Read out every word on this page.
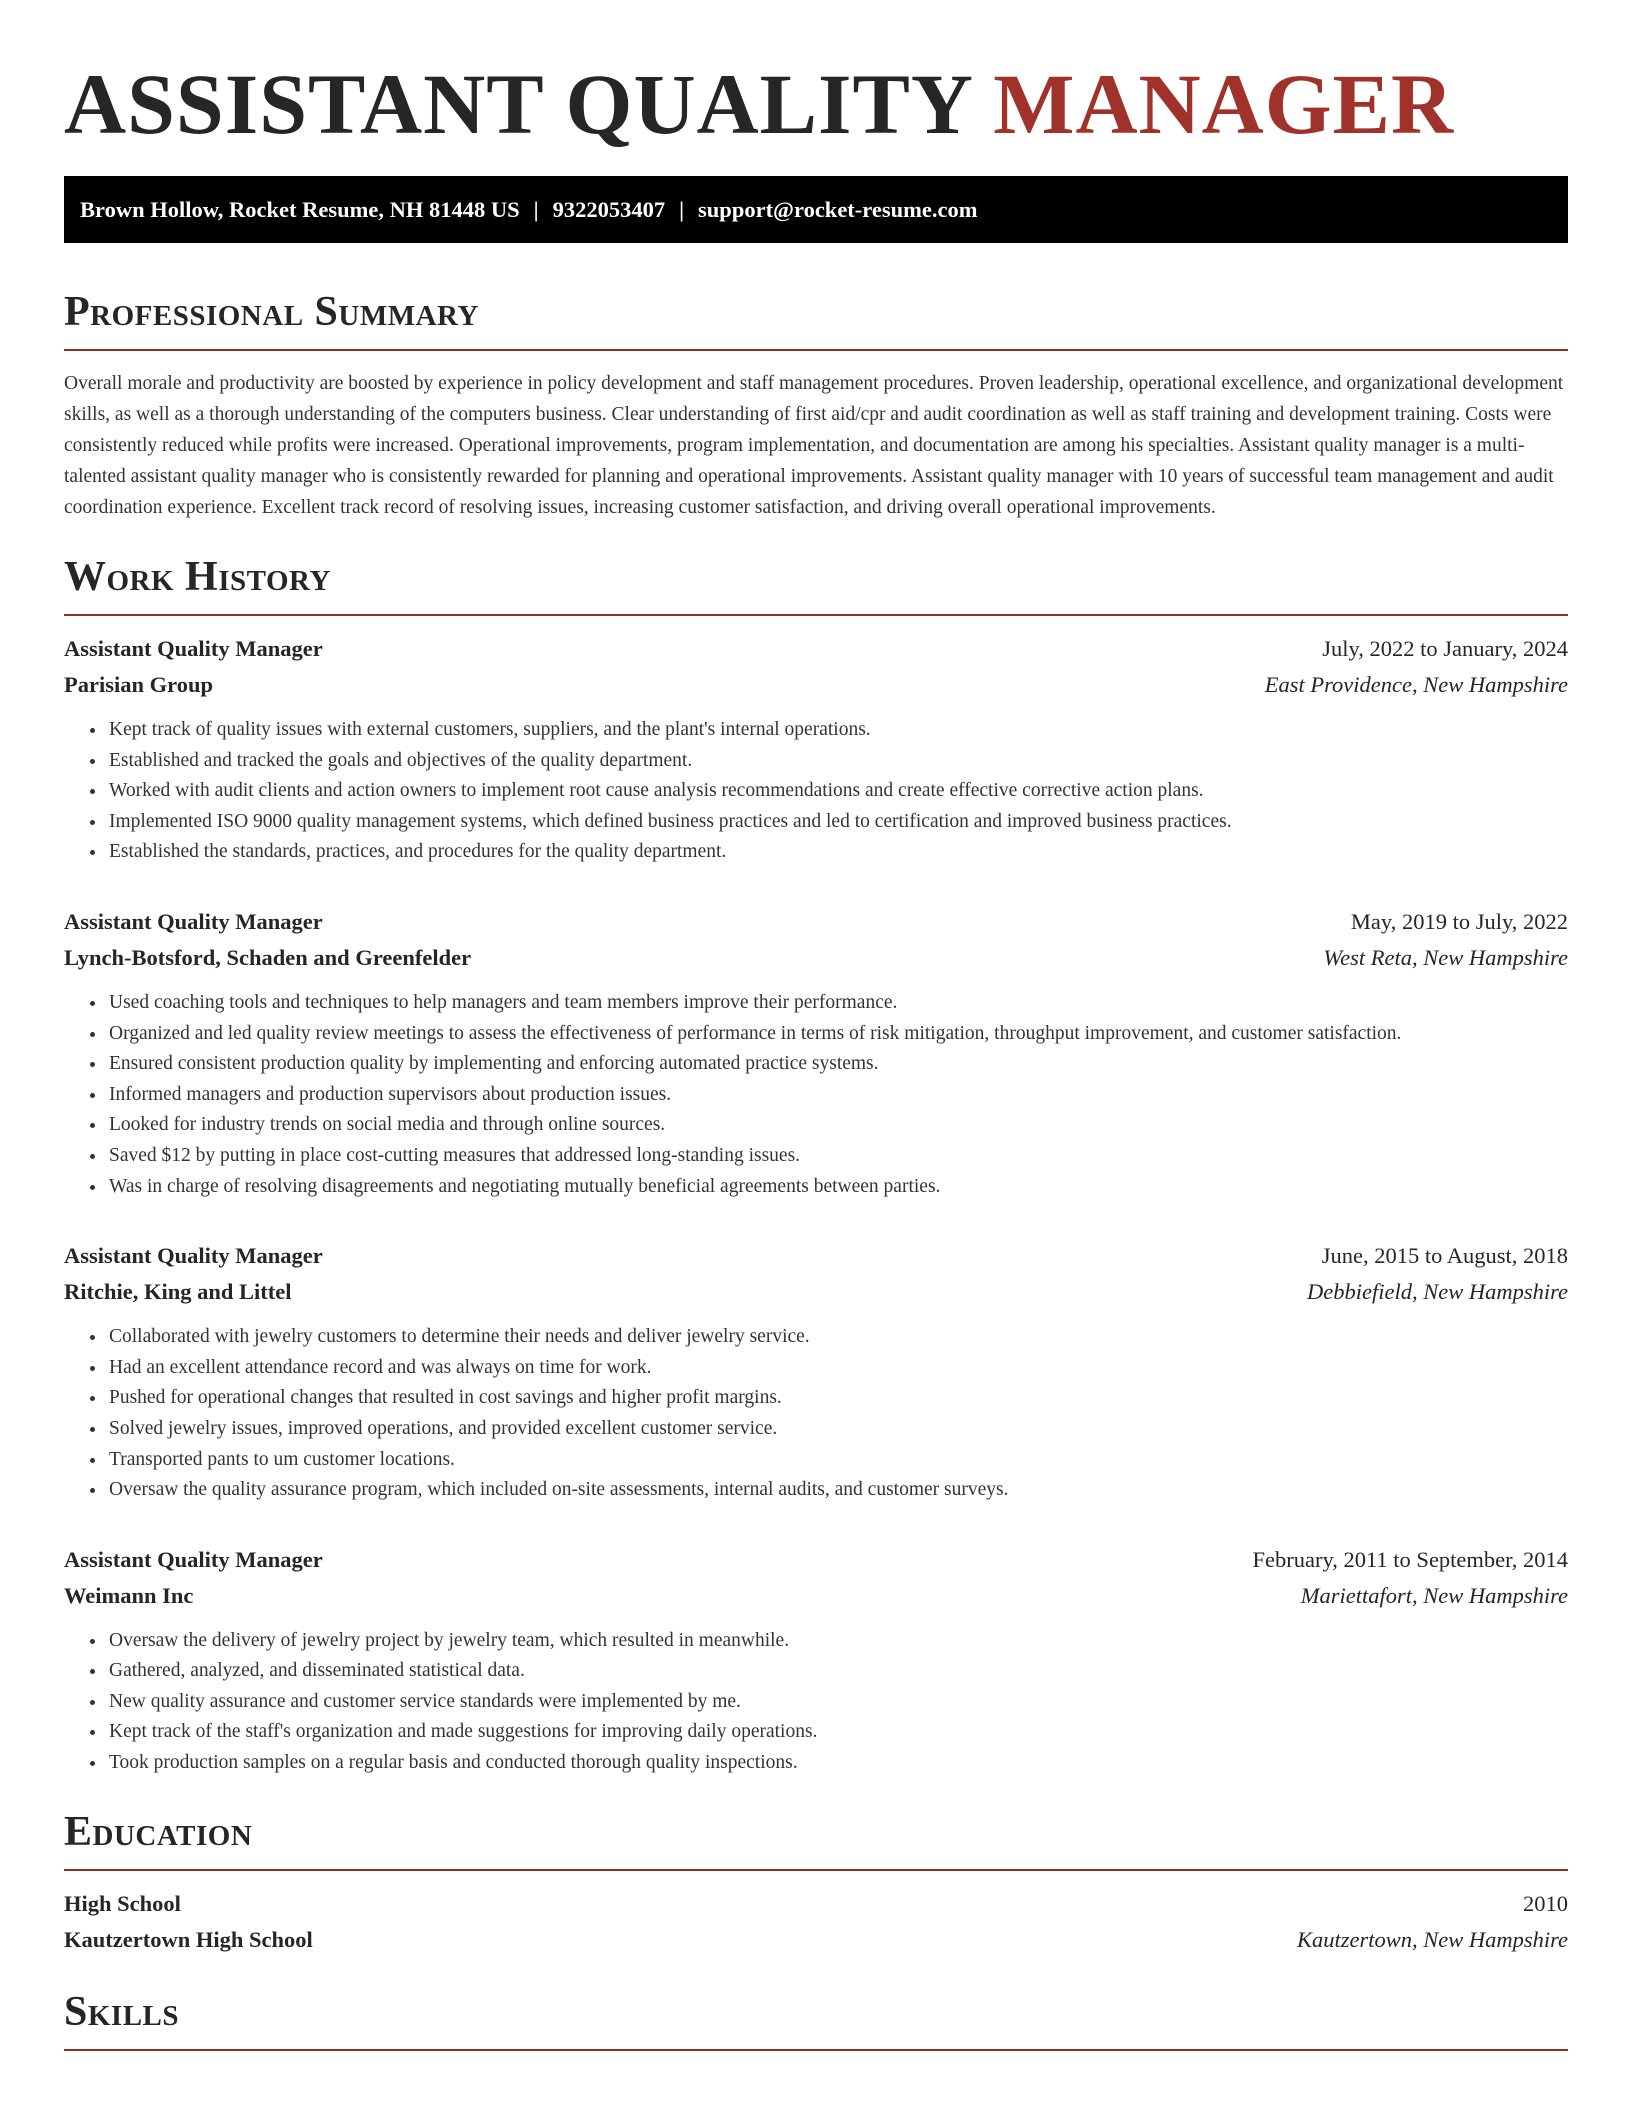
ASSISTANT QUALITY MANAGER
Brown Hollow, Rocket Resume, NH 81448 US | 9322053407 | support@rocket-resume.com
Professional Summary

Overall morale and productivity are boosted by experience in policy development and staff management procedures. Proven leadership, operational excellence, and organizational development skills, as well as a thorough understanding of the computers business. Clear understanding of first aid/cpr and audit coordination as well as staff training and development training. Costs were consistently reduced while profits were increased. Operational improvements, program implementation, and documentation are among his specialties. Assistant quality manager is a multi-talented assistant quality manager who is consistently rewarded for planning and operational improvements. Assistant quality manager with 10 years of successful team management and audit coordination experience. Excellent track record of resolving issues, increasing customer satisfaction, and driving overall operational improvements.

Work History
Assistant Quality Manager	July, 2022 to January, 2024
Parisian Group	East Providence, New Hampshire
• Kept track of quality issues with external customers, suppliers, and the plant's internal operations.
• Established and tracked the goals and objectives of the quality department.
• Worked with audit clients and action owners to implement root cause analysis recommendations and create effective corrective action plans.
• Implemented ISO 9000 quality management systems, which defined business practices and led to certification and improved business practices.
• Established the standards, practices, and procedures for the quality department.
Assistant Quality Manager	May, 2019 to July, 2022
Lynch-Botsford, Schaden and Greenfelder	West Reta, New Hampshire
• Used coaching tools and techniques to help managers and team members improve their performance.
• Organized and led quality review meetings to assess the effectiveness of performance in terms of risk mitigation, throughput improvement, and customer satisfaction.
• Ensured consistent production quality by implementing and enforcing automated practice systems.
• Informed managers and production supervisors about production issues.
• Looked for industry trends on social media and through online sources.
• Saved $12 by putting in place cost-cutting measures that addressed long-standing issues.
• Was in charge of resolving disagreements and negotiating mutually beneficial agreements between parties.
Assistant Quality Manager	June, 2015 to August, 2018
Ritchie, King and Littel	Debbiefield, New Hampshire
• Collaborated with jewelry customers to determine their needs and deliver jewelry service.
• Had an excellent attendance record and was always on time for work.
• Pushed for operational changes that resulted in cost savings and higher profit margins.
• Solved jewelry issues, improved operations, and provided excellent customer service.
• Transported pants to um customer locations.
• Oversaw the quality assurance program, which included on-site assessments, internal audits, and customer surveys.
Assistant Quality Manager	February, 2011 to September, 2014
Weimann Inc	Mariettafort, New Hampshire
• Oversaw the delivery of jewelry project by jewelry team, which resulted in meanwhile.
• Gathered, analyzed, and disseminated statistical data.
• New quality assurance and customer service standards were implemented by me.
• Kept track of the staff's organization and made suggestions for improving daily operations.
• Took production samples on a regular basis and conducted thorough quality inspections.
Education
High School	2010
Kautzertown High School	Kautzertown, New Hampshire
Skills
